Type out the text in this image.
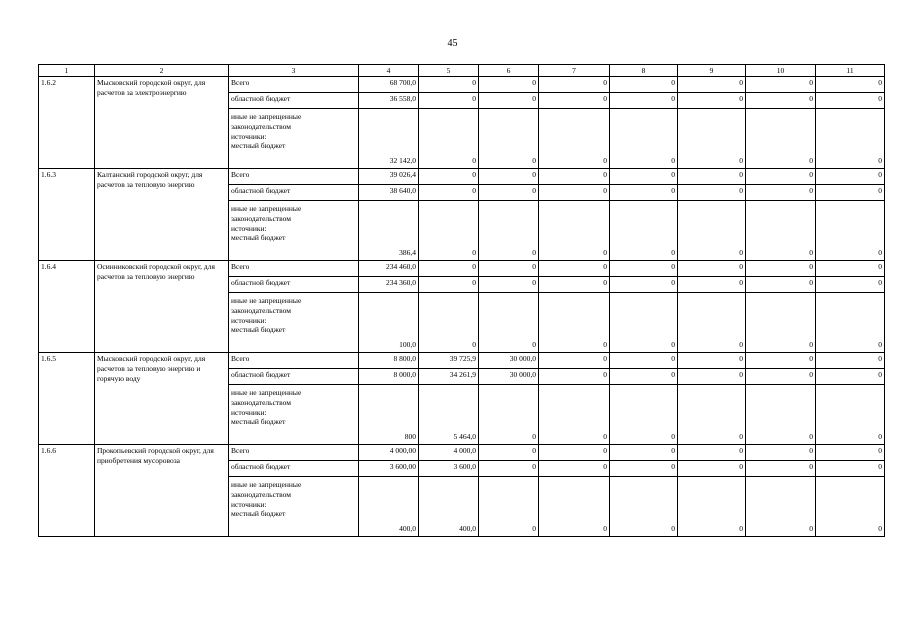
45
1	2	3	4	5	6	7	8	9	10	11
1.6.2	Мысковский городской округ, для расчетов за электроэнергию	Всего	68 700,0	0	0	0	0	0	0	0
		областной бюджет	36 558,0	0	0	0	0	0	0	0

		иные не запрещенные
законодательством
источники:
местный бюджет	32 142,0	0	0	0	0	0	0	0
1.6.3	Калтанский городской округ, для расчетов за тепловую энергию	Всего	39 026,4	0	0	0	0	0	0	0
		областной бюджет	38 640,0	0	0	0	0	0	0	0

		иные не запрещенные
законодательством
источники:
местный бюджет	386,4	0	0	0	0	0	0	0
1.6.4	Осинниковский городской округ, для расчетов за тепловую энергию	Всего	234 460,0	0	0	0	0	0	0	0
		областной бюджет	234 360,0	0	0	0	0	0	0	0

		иные не запрещенные
законодательством
источники:
местный бюджет	100,0	0	0	0	0	0	0	0
1.6.5	Мысковский городской округ, для расчетов за тепловую энергию и горячую воду	Всего	8 800,0	39 725,9	30 000,0	0	0	0	0	0
		областной бюджет	8 000,0	34 261,9	30 000,0	0	0	0	0	0

		иные не запрещенные
законодательством
источники:
местный бюджет	800	5 464,0	0	0	0	0	0	0
1.6.6	Прокопьевский городской округ, для приобретения мусоровоза	Всего	4 000,00	4 000,0	0	0	0	0	0	0
		областной бюджет	3 600,00	3 600,0	0	0	0	0	0	0

		иные не запрещенные
законодательством
источники:
местный бюджет	400,0	400,0	0	0	0	0	0	0
